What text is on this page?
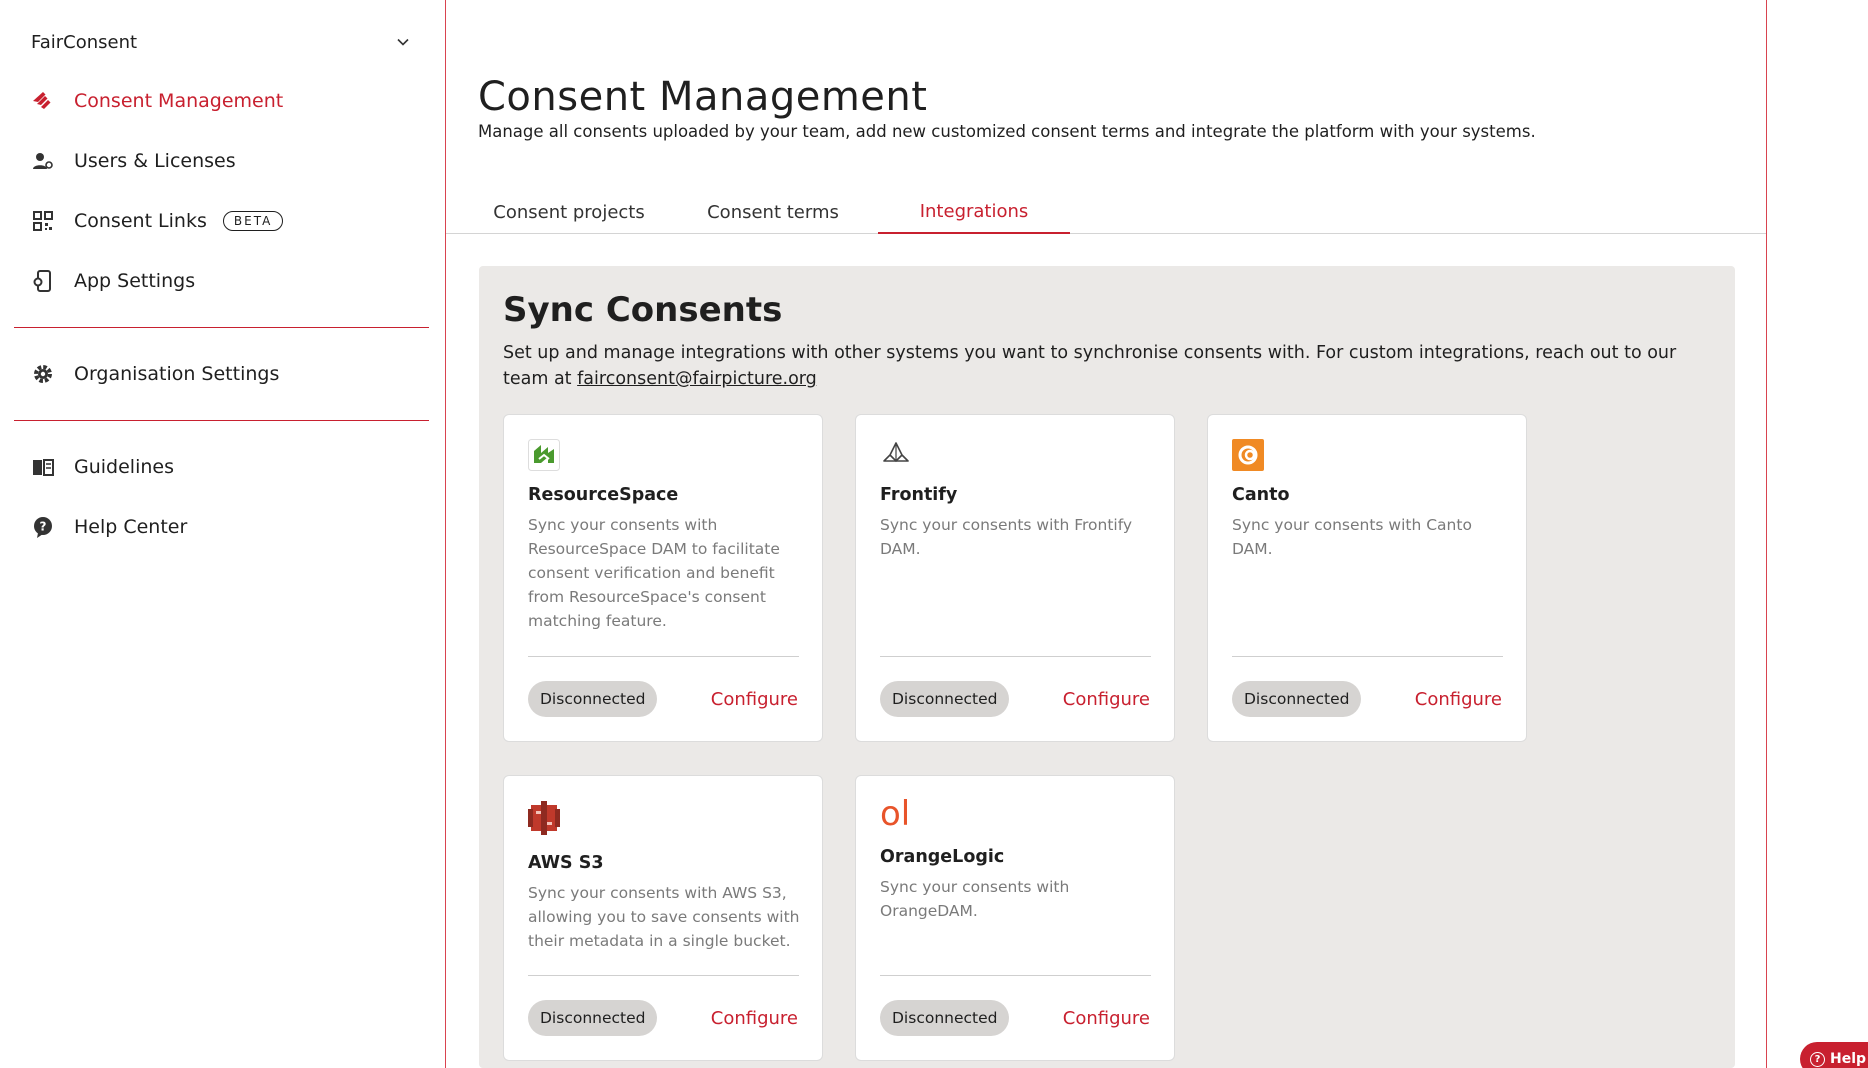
FairConsent
Consent Management
Users & Licenses
Consent Links	BETA
App Settings
Organisation Settings
Guidelines
? Help Center
Consent Management

Manage all consents uploaded by your team, add new customized consent terms and integrate the platform with your systems.

Consent projects	Consent terms	Integrations
Sync Consents

Set up and manage integrations with other systems you want to synchronise consents with. For custom integrations, reach out to our team at fairconsent@fairpicture.org

ResourceSpace
Sync your consents with ResourceSpace DAM to facilitate consent verification and benefit from ResourceSpace's consent matching feature.
Disconnected	Configure
Frontify
Sync your consents with Frontify DAM.
Disconnected	Configure
Canto
Sync your consents with Canto DAM.
Disconnected	Configure
AWS S3
Sync your consents with AWS S3, allowing you to save consents with their metadata in a single bucket.
Disconnected	Configure
ol
OrangeLogic
Sync your consents with OrangeDAM.
Disconnected	Configure
? Help
